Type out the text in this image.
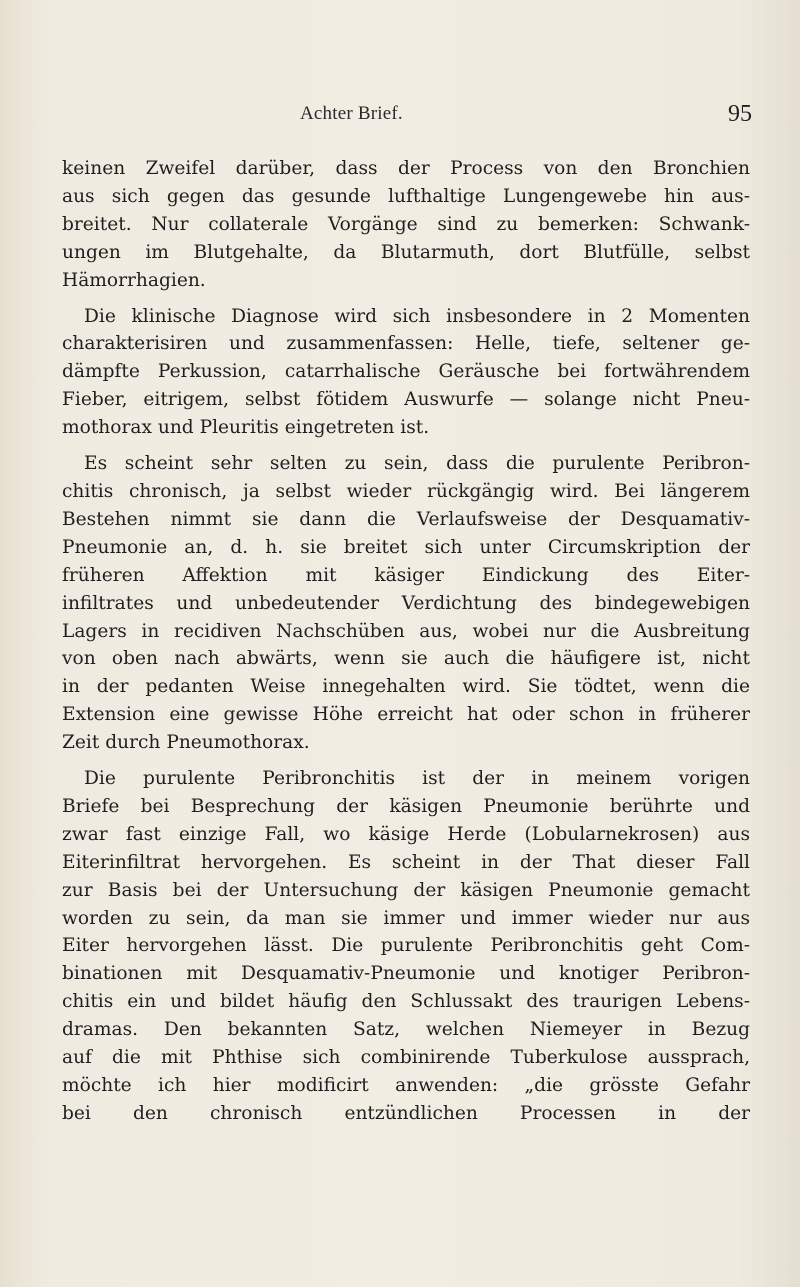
Achter Brief.	95
keinen Zweifel darüber, dass der Process von den Bronchien
aus sich gegen das gesunde lufthaltige Lungengewebe hin aus-
breitet. Nur collaterale Vorgänge sind zu bemerken: Schwank-
ungen im Blutgehalte, da Blutarmuth, dort Blutfülle, selbst
Hämorrhagien.
Die klinische Diagnose wird sich insbesondere in 2 Momenten
charakterisiren und zusammenfassen: Helle, tiefe, seltener ge-
dämpfte Perkussion, catarrhalische Geräusche bei fortwährendem
Fieber, eitrigem, selbst fötidem Auswurfe — solange nicht Pneu-
mothorax und Pleuritis eingetreten ist.
Es scheint sehr selten zu sein, dass die purulente Peribron-
chitis chronisch, ja selbst wieder rückgängig wird. Bei längerem
Bestehen nimmt sie dann die Verlaufsweise der Desquamativ-
Pneumonie an, d. h. sie breitet sich unter Circumskription der
früheren Affektion mit käsiger Eindickung des Eiter-
infiltrates und unbedeutender Verdichtung des bindegewebigen
Lagers in recidiven Nachschüben aus, wobei nur die Ausbreitung
von oben nach abwärts, wenn sie auch die häufigere ist, nicht
in der pedanten Weise innegehalten wird. Sie tödtet, wenn die
Extension eine gewisse Höhe erreicht hat oder schon in früherer
Zeit durch Pneumothorax.
Die purulente Peribronchitis ist der in meinem vorigen
Briefe bei Besprechung der käsigen Pneumonie berührte und
zwar fast einzige Fall, wo käsige Herde (Lobularnekrosen) aus
Eiterinfiltrat hervorgehen. Es scheint in der That dieser Fall
zur Basis bei der Untersuchung der käsigen Pneumonie gemacht
worden zu sein, da man sie immer und immer wieder nur aus
Eiter hervorgehen lässt. Die purulente Peribronchitis geht Com-
binationen mit Desquamativ-Pneumonie und knotiger Peribron-
chitis ein und bildet häufig den Schlussakt des traurigen Lebens-
dramas. Den bekannten Satz, welchen Niemeyer in Bezug
auf die mit Phthise sich combinirende Tuberkulose aussprach,
möchte ich hier modificirt anwenden: „die grösste Gefahr
bei den chronisch entzündlichen Processen in der
